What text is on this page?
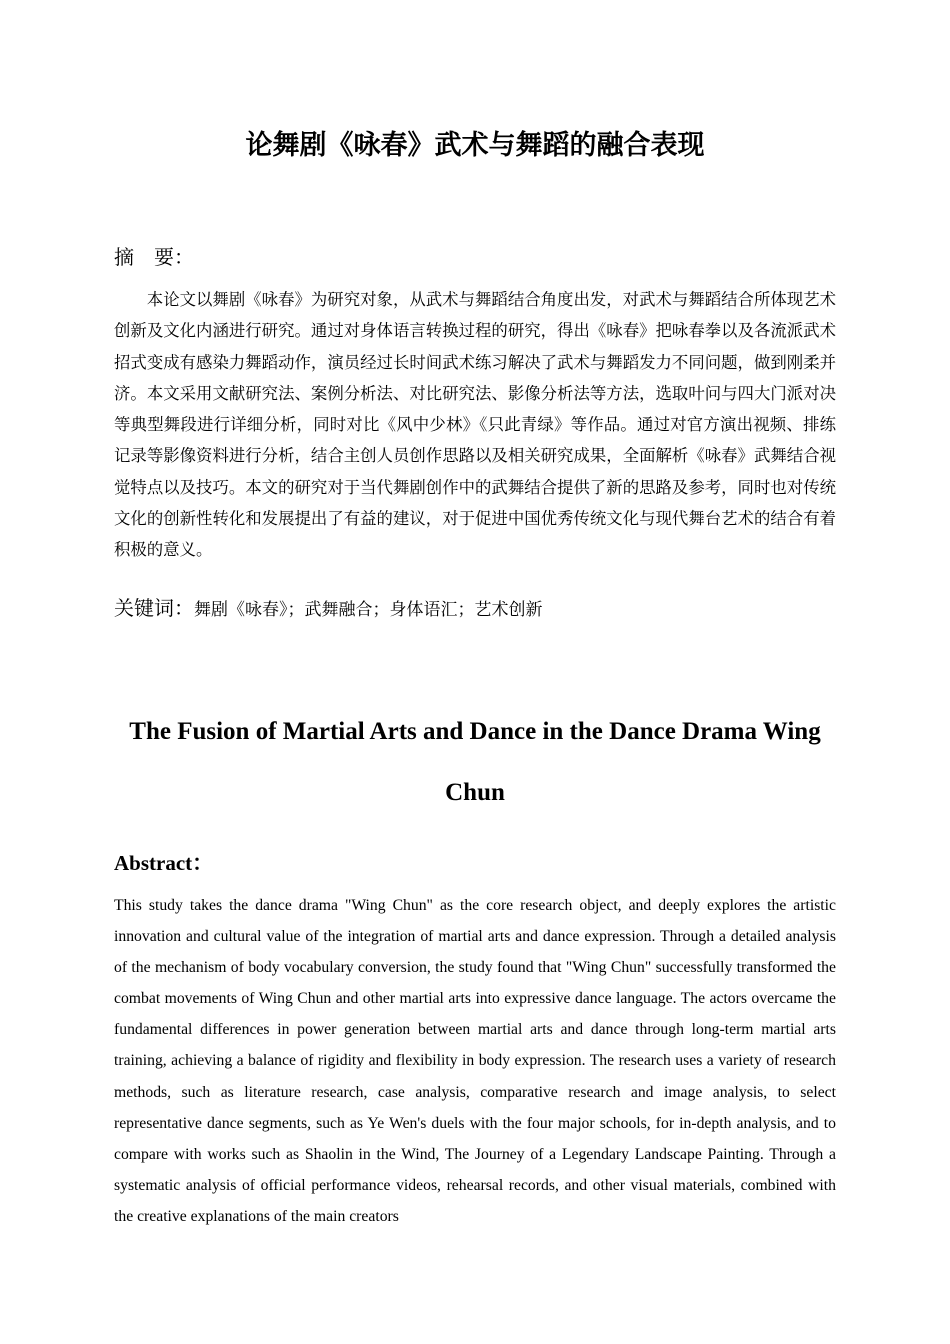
论舞剧《咏春》武术与舞蹈的融合表现
摘　要：

本论文以舞剧《咏春》为研究对象，从武术与舞蹈结合角度出发，对武术与舞蹈结合所体现艺术创新及文化内涵进行研究。通过对身体语言转换过程的研究，得出《咏春》把咏春拳以及各流派武术招式变成有感染力舞蹈动作，演员经过长时间武术练习解决了武术与舞蹈发力不同问题，做到刚柔并济。本文采用文献研究法、案例分析法、对比研究法、影像分析法等方法，选取叶问与四大门派对决等典型舞段进行详细分析，同时对比《风中少林》《只此青绿》等作品。通过对官方演出视频、排练记录等影像资料进行分析，结合主创人员创作思路以及相关研究成果，全面解析《咏春》武舞结合视觉特点以及技巧。本文的研究对于当代舞剧创作中的武舞结合提供了新的思路及参考，同时也对传统文化的创新性转化和发展提出了有益的建议，对于促进中国优秀传统文化与现代舞台艺术的结合有着积极的意义。

关键词：舞剧《咏春》；武舞融合；身体语汇；艺术创新
The Fusion of Martial Arts and Dance in the Dance Drama Wing Chun
Abstract：

This study takes the dance drama "Wing Chun" as the core research object, and deeply explores the artistic innovation and cultural value of the integration of martial arts and dance expression. Through a detailed analysis of the mechanism of body vocabulary conversion, the study found that "Wing Chun" successfully transformed the combat movements of Wing Chun and other martial arts into expressive dance language. The actors overcame the fundamental differences in power generation between martial arts and dance through long-term martial arts training, achieving a balance of rigidity and flexibility in body expression. The research uses a variety of research methods, such as literature research, case analysis, comparative research and image analysis, to select representative dance segments, such as Ye Wen's duels with the four major schools, for in-depth analysis, and to compare with works such as Shaolin in the Wind, The Journey of a Legendary Landscape Painting. Through a systematic analysis of official performance videos, rehearsal records, and other visual materials, combined with the creative explanations of the main creators
